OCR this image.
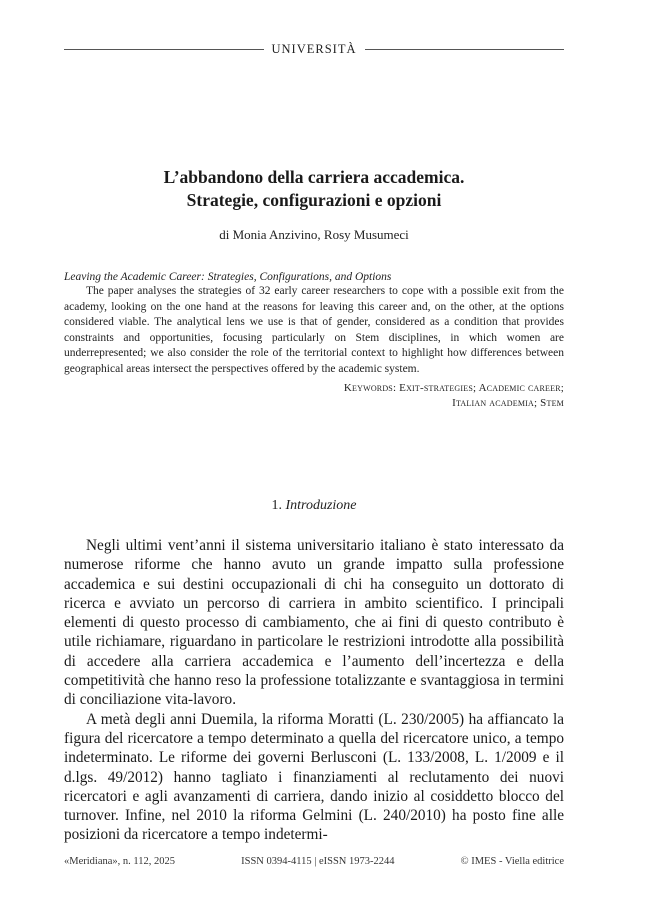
UNIVERSITÀ
L’abbandono della carriera accademica.
Strategie, configurazioni e opzioni
di Monia Anzivino, Rosy Musumeci

Leaving the Academic Career: Strategies, Configurations, and Options

The paper analyses the strategies of 32 early career researchers to cope with a possible exit from the academy, looking on the one hand at the reasons for leaving this career and, on the other, at the options considered viable. The analytical lens we use is that of gender, considered as a condition that provides constraints and opportunities, focusing particularly on Stem disciplines, in which women are underrepresented; we also consider the role of the territorial context to highlight how differences between geographical areas intersect the perspectives offered by the academic system.

Keywords: Exit-strategies; Academic career;
Italian academia; Stem
1. Introduzione

Negli ultimi vent’anni il sistema universitario italiano è stato interessato da numerose riforme che hanno avuto un grande impatto sulla professione accademica e sui destini occupazionali di chi ha conseguito un dottorato di ricerca e avviato un percorso di carriera in ambito scientifico. I principali elementi di questo processo di cambiamento, che ai fini di questo contributo è utile richiamare, riguardano in particolare le restrizioni introdotte alla possibilità di accedere alla carriera accademica e l’aumento dell’incertezza e della competitività che hanno reso la professione totalizzante e svantaggiosa in termini di conciliazione vita-lavoro.

A metà degli anni Duemila, la riforma Moratti (L. 230/2005) ha affiancato la figura del ricercatore a tempo determinato a quella del ricercatore unico, a tempo indeterminato. Le riforme dei governi Berlusconi (L. 133/2008, L. 1/2009 e il d.lgs. 49/2012) hanno tagliato i finanziamenti al reclutamento dei nuovi ricercatori e agli avanzamenti di carriera, dando inizio al cosiddetto blocco del turnover. Infine, nel 2010 la riforma Gelmini (L. 240/2010) ha posto fine alle posizioni da ricercatore a tempo indetermi-

«Meridiana», n. 112, 2025	ISSN 0394-4115 | eISSN 1973-2244	© IMES - Viella editrice
